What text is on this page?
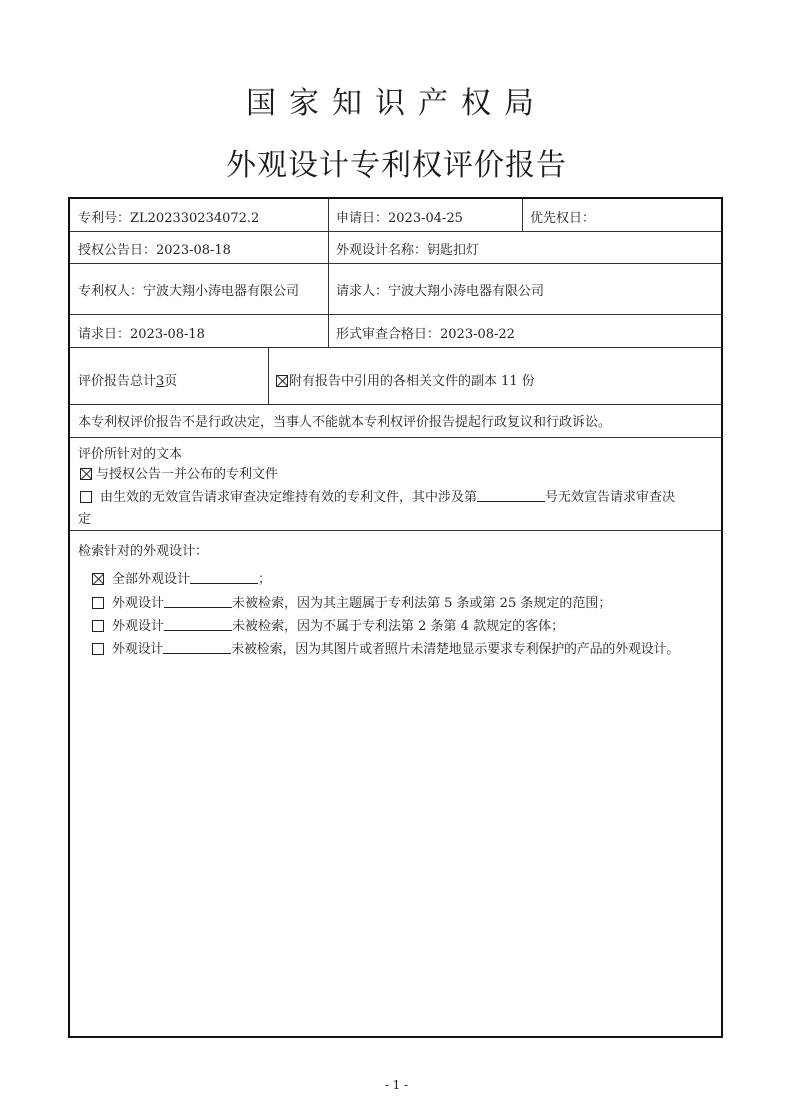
国家知识产权局
外观设计专利权评价报告
专利号：ZL202330234072.2	申请日：2023-04-25	优先权日：
授权公告日：2023-08-18	外观设计名称：钥匙扣灯
专利权人：宁波大翔小涛电器有限公司	请求人：宁波大翔小涛电器有限公司
请求日：2023-08-18	形式审查合格日：2023-08-22
评价报告总计3页	附有报告中引用的各相关文件的副本 11 份
本专利权评价报告不是行政决定，当事人不能就本专利权评价报告提起行政复议和行政诉讼。
评价所针对的文本
与授权公告一并公布的专利文件
由生效的无效宣告请求审查决定维持有效的专利文件，其中涉及第	号无效宣告请求审查决
定
检索针对的外观设计：
全部外观设计	；
外观设计	未被检索，因为其主题属于专利法第 5 条或第 25 条规定的范围；
外观设计	未被检索，因为不属于专利法第 2 条第 4 款规定的客体；
外观设计	未被检索，因为其图片或者照片未清楚地显示要求专利保护的产品的外观设计。
- 1 -
